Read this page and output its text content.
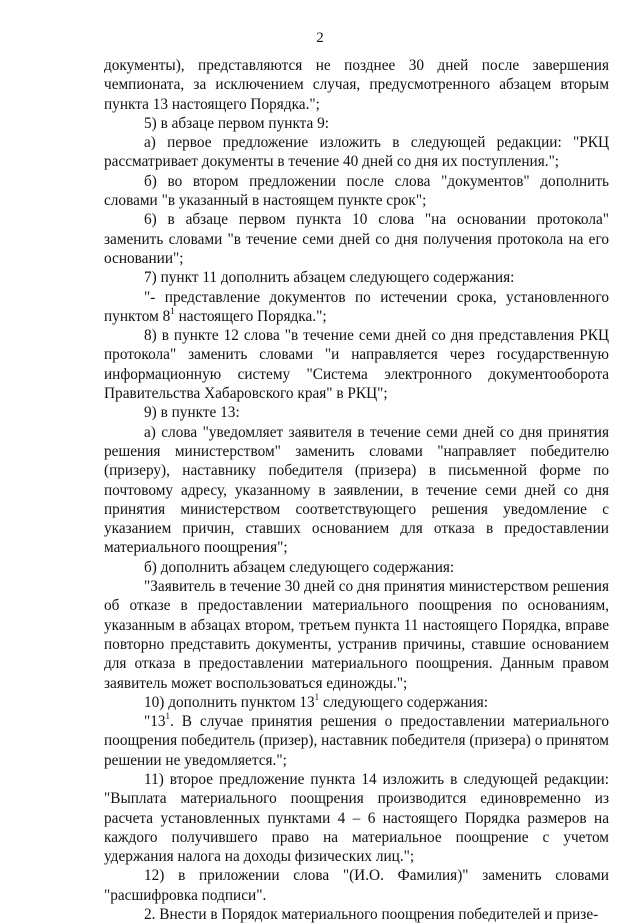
2

документы), представляются не позднее 30 дней после завершения чемпионата, за исключением случая, предусмотренного абзацем вторым пункта 13 настоящего Порядка.";

5) в абзаце первом пункта 9:

а) первое предложение изложить в следующей редакции: "РКЦ рассматривает документы в течение 40 дней со дня их поступления.";

б) во втором предложении после слова "документов" дополнить словами "в указанный в настоящем пункте срок";

6) в абзаце первом пункта 10 слова "на основании протокола" заменить словами "в течение семи дней со дня получения протокола на его основании";

7) пункт 11 дополнить абзацем следующего содержания:

"- представление документов по истечении срока, установленного пунктом $8^1$ настоящего Порядка.";

8) в пункте 12 слова "в течение семи дней со дня представления РКЦ протокола" заменить словами "и направляется через государственную информационную систему "Система электронного документооборота Правительства Хабаровского края" в РКЦ";

9) в пункте 13:

а) слова "уведомляет заявителя в течение семи дней со дня принятия решения министерством" заменить словами "направляет победителю (призеру), наставнику победителя (призера) в письменной форме по почтовому адресу, указанному в заявлении, в течение семи дней со дня принятия министерством соответствующего решения уведомление с указанием причин, ставших основанием для отказа в предоставлении материального поощрения";

б) дополнить абзацем следующего содержания:

"Заявитель в течение 30 дней со дня принятия министерством решения об отказе в предоставлении материального поощрения по основаниям, указанным в абзацах втором, третьем пункта 11 настоящего Порядка, вправе повторно представить документы, устранив причины, ставшие основанием для отказа в предоставлении материального поощрения. Данным правом заявитель может воспользоваться единожды.";

10) дополнить пунктом $13^1$ следующего содержания:

"$13^1$. В случае принятия решения о предоставлении материального поощрения победитель (призер), наставник победителя (призера) о принятом решении не уведомляется.";

11) второе предложение пункта 14 изложить в следующей редакции: "Выплата материального поощрения производится единовременно из расчета установленных пунктами 4 – 6 настоящего Порядка размеров на каждого получившего право на материальное поощрение с учетом удержания налога на доходы физических лиц.";

12) в приложении слова "(И.О. Фамилия)" заменить словами "расшифровка подписи".

2. Внести в Порядок материального поощрения победителей и призе-
